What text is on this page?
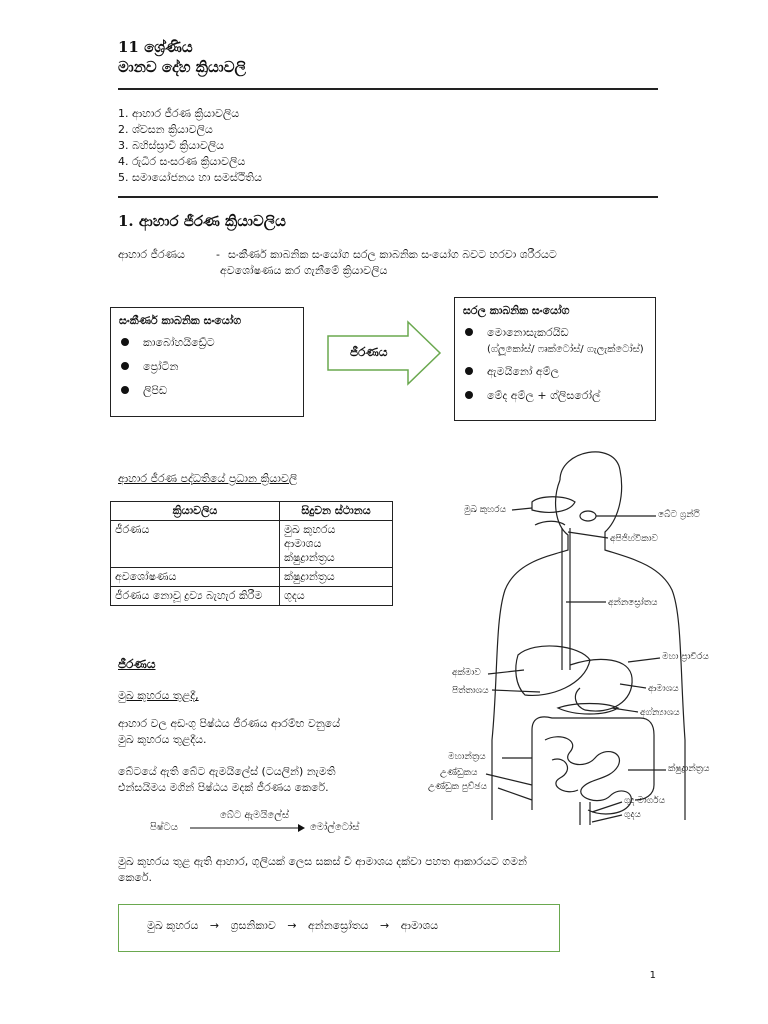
11 ශ්‍රේණිය
මානව දේහ ක්‍රියාවලි
1. ආහාර ජීරණ ක්‍රියාවලිය
2. ශ්වසන ක්‍රියාවලිය
3. බහිස්ස්‍රාවී ක්‍රියාවලිය
4. රුධිර සංසරණ ක්‍රියාවලිය
5. සමායෝජනය හා සමස්ථිතිය
1. ආහාර ජීරණ ක්‍රියාවලිය
ආහාර ජීරණය	- සංකීර්ණ කාබනික සංයෝග සරල කාබනික සංයෝග බවට හරවා ශරීරයට
අවශෝෂණය කර ගැනීමේ ක්‍රියාවලිය
සංකීර්ණ කාබනික සංයෝග
කාබෝහයිඩ්‍රේට
ප්‍රෝටීන
ලිපිඩ
ජීරණය
සරල කාබනික සංයෝග
මොනොසැකරයිඩ
(ග්ලූකෝස්/ ෆෘක්ටෝස්/ ගැලැක්ටෝස්)
ඇමයිනෝ අම්ල
මේද අම්ල + ග්ලිසරෝල්
ආහාර ජීරණ පද්ධතියේ ප්‍රධාන ක්‍රියාවලි
ක්‍රියාවලිය	සිදුවන ස්ථානය
ජීරණය	මුඛ කුහරය
ආමාශය
ක්ෂුද්‍රාන්ත්‍රය
අවශෝෂණය	ක්ෂුද්‍රාන්ත්‍රය
ජීරණය නොවූ ද්‍රව්‍ය බැහැර කිරීම	ගුදය
ජීරණය
මුඛ කුහරය තුළදී,
ආහාර වල අඩංගු පිෂ්ඨය ජීරණය ආරම්භ වනුයේ
මුඛ කුහරය තුළදීය.
බේටයේ ඇති බේට ඇමයිලේස් (ටයලින්) නැමති
එන්සයිමය මගින් පිෂ්ඨය මදක් ජීරණය කෙරේ.
පිෂ්ටය
බේට ඇමයිලේස්
මෝල්ටෝස්
මුඛ කුහරය තුළ ඇති ආහාර, ගුලියක් ලෙස සකස් වී ආමාශය දක්වා පහත ආකාරයට ගමන්
කෙරේ.
මුඛ කුහරය → ග්‍රසනිකාව → අන්නස්‍රෝතය → ආමාශය
මුඛ කුහරය	බේට ග්‍රන්ථි
අපිජිහ්විකාව
අන්නස්‍රෝතය
මහා ප්‍රාචීරය
අක්මාව
ආමාශය
පිත්තාශය
අග්න්‍යාශය
මහාන්ත්‍රය
ක්ෂුද්‍රාන්ත්‍රය
උණ්ඩුකය
උණ්ඩුක පුච්ඡය
ගුද මාර්ගය
ගුදය
1
